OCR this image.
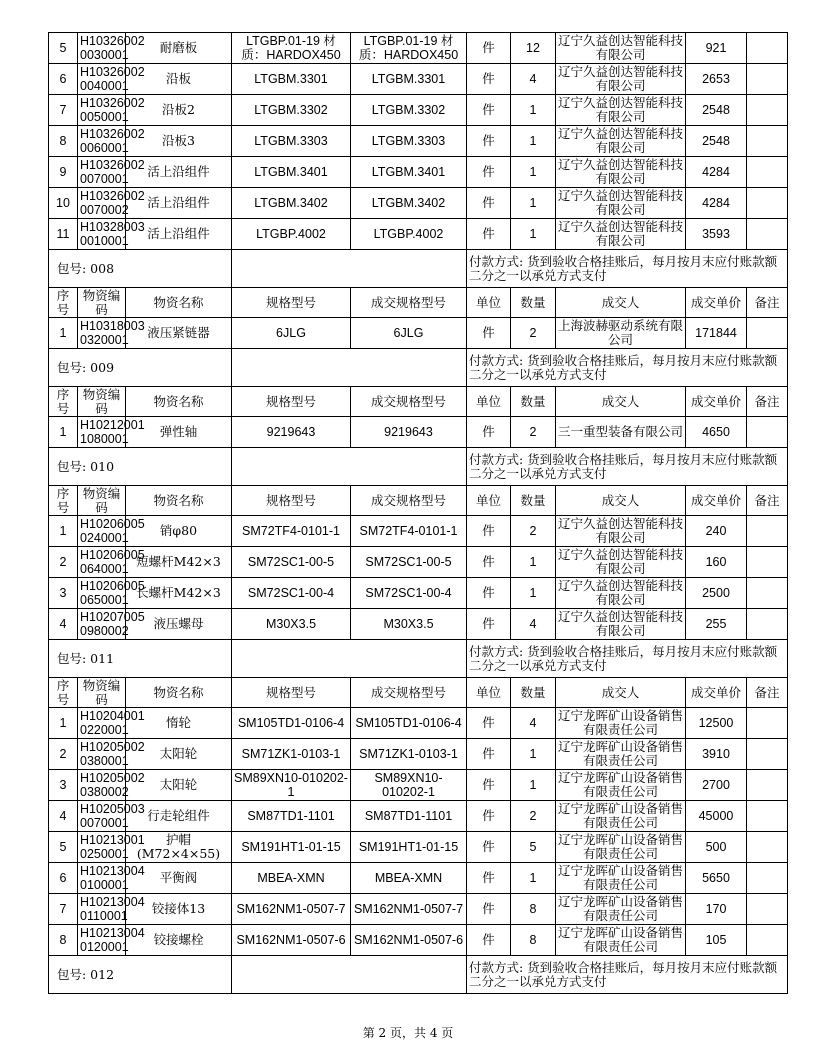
5	H10326002 0030001	耐磨板	LTGBP.01-19 材质：HARDOX450	LTGBP.01-19 材质：HARDOX450	件	12	辽宁久益创达智能科技有限公司	921	
6	H10326002 0040001	沿板	LTGBM.3301	LTGBM.3301	件	4	辽宁久益创达智能科技有限公司	2653	
7	H10326002 0050001	沿板2	LTGBM.3302	LTGBM.3302	件	1	辽宁久益创达智能科技有限公司	2548	
8	H10326002 0060001	沿板3	LTGBM.3303	LTGBM.3303	件	1	辽宁久益创达智能科技有限公司	2548	
9	H10326002 0070001	活上沿组件	LTGBM.3401	LTGBM.3401	件	1	辽宁久益创达智能科技有限公司	4284	
10	H10326002 0070002	活上沿组件	LTGBM.3402	LTGBM.3402	件	1	辽宁久益创达智能科技有限公司	4284	
11	H10328003 0010001	活上沿组件	LTGBP.4002	LTGBP.4002	件	1	辽宁久益创达智能科技有限公司	3593	
包号: 008					付款方式: 货到验收合格挂账后，每月按月末应付账款额二分之一以承兑方式支付				
序号	物资编码	物资名称	规格型号	成交规格型号	单位	数量	成交人	成交单价	备注
1	H10318003 0320001	液压紧链器	6JLG	6JLG	件	2	上海波赫驱动系统有限公司	171844	
包号: 009					付款方式: 货到验收合格挂账后，每月按月末应付账款额二分之一以承兑方式支付				
序号	物资编码	物资名称	规格型号	成交规格型号	单位	数量	成交人	成交单价	备注
1	H10212001 1080001	弹性轴	9219643	9219643	件	2	三一重型装备有限公司	4650	
包号: 010					付款方式: 货到验收合格挂账后，每月按月末应付账款额二分之一以承兑方式支付				
序号	物资编码	物资名称	规格型号	成交规格型号	单位	数量	成交人	成交单价	备注
1	H10206005 0240001	销φ80	SM72TF4-0101-1	SM72TF4-0101-1	件	2	辽宁久益创达智能科技有限公司	240	
2	H10206005 0640001	短螺杆M42×3	SM72SC1-00-5	SM72SC1-00-5	件	1	辽宁久益创达智能科技有限公司	160	
3	H10206005 0650001	长螺杆M42×3	SM72SC1-00-4	SM72SC1-00-4	件	1	辽宁久益创达智能科技有限公司	2500	
4	H10207005 0980002	液压螺母	M30X3.5	M30X3.5	件	4	辽宁久益创达智能科技有限公司	255	
包号: 011					付款方式: 货到验收合格挂账后，每月按月末应付账款额二分之一以承兑方式支付				
序号	物资编码	物资名称	规格型号	成交规格型号	单位	数量	成交人	成交单价	备注
1	H10204001 0220001	惰轮	SM105TD1-0106-4	SM105TD1-0106-4	件	4	辽宁龙晖矿山设备销售有限责任公司	12500	
2	H10205002 0380001	太阳轮	SM71ZK1-0103-1	SM71ZK1-0103-1	件	1	辽宁龙晖矿山设备销售有限责任公司	3910	
3	H10205002 0380002	太阳轮	SM89XN10-010202-1	SM89XN10-010202-1	件	1	辽宁龙晖矿山设备销售有限责任公司	2700	
4	H10205003 0070001	行走轮组件	SM87TD1-1101	SM87TD1-1101	件	2	辽宁龙晖矿山设备销售有限责任公司	45000	
5	H10213001 0250001	护帽(M72×4×55)	SM191HT1-01-15	SM191HT1-01-15	件	5	辽宁龙晖矿山设备销售有限责任公司	500	
6	H10213004 0100001	平衡阀	MBEA-XMN	MBEA-XMN	件	1	辽宁龙晖矿山设备销售有限责任公司	5650	
7	H10213004 0110001	铰接体13	SM162NM1-0507-7	SM162NM1-0507-7	件	8	辽宁龙晖矿山设备销售有限责任公司	170	
8	H10213004 0120001	铰接螺栓	SM162NM1-0507-6	SM162NM1-0507-6	件	8	辽宁龙晖矿山设备销售有限责任公司	105	
包号: 012					付款方式: 货到验收合格挂账后，每月按月末应付账款额二分之一以承兑方式支付				
第 2 页，共 4 页
